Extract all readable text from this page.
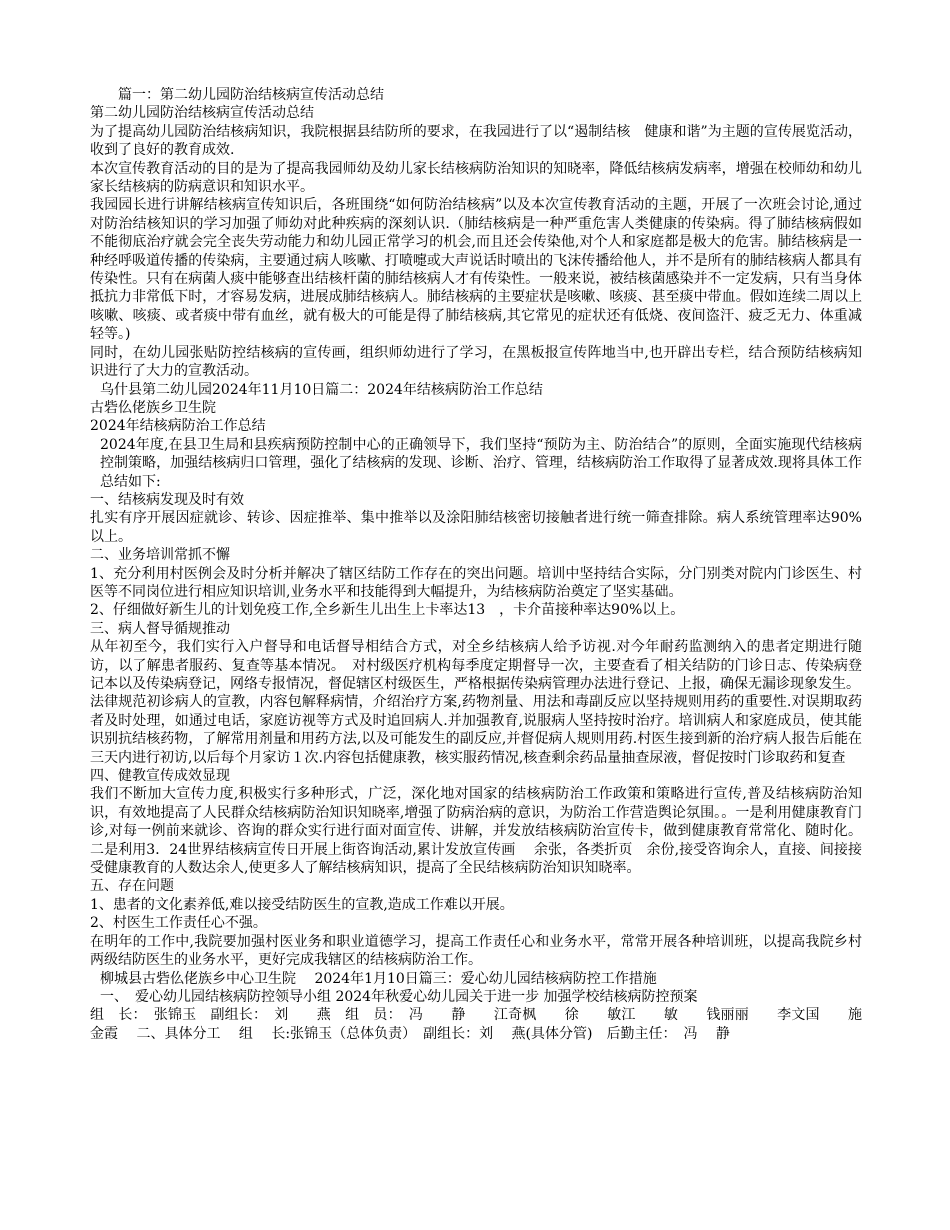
篇一：第二幼儿园防治结核病宣传活动总结

第二幼儿园防治结核病宣传活动总结

为了提高幼儿园防治结核病知识，我院根据县结防所的要求，在我园进行了以“遏制结核　健康和谐”为主题的宣传展览活动，收到了良好的教育成效.

本次宣传教育活动的目的是为了提高我园师幼及幼儿家长结核病防治知识的知晓率，降低结核病发病率，增强在校师幼和幼儿家长结核病的防病意识和知识水平。

我园园长进行讲解结核病宣传知识后，各班围绕“如何防治结核病”以及本次宣传教育活动的主题，开展了一次班会讨论,通过对防治结核知识的学习加强了师幼对此种疾病的深刻认识.（肺结核病是一种严重危害人类健康的传染病。得了肺结核病假如不能彻底治疗就会完全丧失劳动能力和幼儿园正常学习的机会,而且还会传染他,对个人和家庭都是极大的危害。肺结核病是一种经呼吸道传播的传染病，主要通过病人咳嗽、打喷嚏或大声说话时喷出的飞沫传播给他人，并不是所有的肺结核病人都具有传染性。只有在病菌人痰中能够查出结核杆菌的肺结核病人才有传染性。一般来说，被结核菌感染并不一定发病，只有当身体抵抗力非常低下时，才容易发病，进展成肺结核病人。肺结核病的主要症状是咳嗽、咳痰、甚至痰中带血。假如连续二周以上咳嗽、咳痰、或者痰中带有血丝，就有极大的可能是得了肺结核病,其它常见的症状还有低烧、夜间盗汗、疲乏无力、体重减轻等。)

同时，在幼儿园张贴防控结核病的宣传画，组织师幼进行了学习，在黑板报宣传阵地当中,也开辟出专栏，结合预防结核病知识进行了大力的宣教活动。

乌什县第二幼儿园2024年11月10日篇二：2024年结核病防治工作总结

古砦仫佬族乡卫生院

2024年结核病防治工作总结

2024年度,在县卫生局和县疾病预防控制中心的正确领导下，我们坚持“预防为主、防治结合”的原则，全面实施现代结核病控制策略，加强结核病归口管理，强化了结核病的发现、诊断、治疗、管理，结核病防治工作取得了显著成效.现将具体工作总结如下:

一、结核病发现及时有效

扎实有序开展因症就诊、转诊、因症推举、集中推举以及涂阳肺结核密切接触者进行统一筛查排除。病人系统管理率达90%以上。

二、业务培训常抓不懈

1、充分利用村医例会及时分析并解决了辖区结防工作存在的突出问题。培训中坚持结合实际，分门别类对院内门诊医生、村医等不同岗位进行相应知识培训,业务水平和技能得到大幅提升，为结核病防治奠定了坚实基础。

2、仔细做好新生儿的计划免疫工作,全乡新生儿出生上卡率达13　，卡介苗接种率达90%以上。

三、病人督导循规推动

从年初至今，我们实行入户督导和电话督导相结合方式，对全乡结核病人给予访视.对今年耐药监测纳入的患者定期进行随访，以了解患者服药、复查等基本情况。　对村级医疗机构每季度定期督导一次，主要查看了相关结防的门诊日志、传染病登记本以及传染病登记，网络专报情况，督促辖区村级医生，严格根据传染病管理办法进行登记、上报，确保无漏诊现象发生。

法律规范初诊病人的宣教，内容包解释病情，介绍治疗方案,药物剂量、用法和毒副反应以坚持规则用药的重要性.对误期取药者及时处理，如通过电话，家庭访视等方式及时追回病人.并加强教育,说服病人坚持按时治疗。培训病人和家庭成员，使其能识别抗结核药物，了解常用剂量和用药方法,以及可能发生的副反应,并督促病人规则用药.村医生接到新的治疗病人报告后能在三天内进行初访,以后每个月家访１次.内容包括健康教，核实服药情况,核查剩余药品量抽查尿液，督促按时门诊取药和复查

四、健教宣传成效显现

我们不断加大宣传力度,积极实行多种形式，广泛，深化地对国家的结核病防治工作政策和策略进行宣传,普及结核病防治知识，有效地提高了人民群众结核病防治知识知晓率,增强了防病治病的意识，为防治工作营造舆论氛围。。一是利用健康教育门诊,对每一例前来就诊、咨询的群众实行进行面对面宣传、讲解，并发放结核病防治宣传卡，做到健康教育常常化、随时化。二是利用3．24世界结核病宣传日开展上街咨询活动,累计发放宣传画　 余张，各类折页　余份,接受咨询余人，直接、间接接受健康教育的人数达余人,使更多人了解结核病知识，提高了全民结核病防治知识知晓率。

五、存在问题

1、患者的文化素养低,难以接受结防医生的宣教,造成工作难以开展。

2、村医生工作责任心不强。

在明年的工作中,我院要加强村医业务和职业道德学习，提高工作责任心和业务水平，常常开展各种培训班，以提高我院乡村两级结防医生的业务水平，更好完成我辖区的结核病防治工作。

柳城县古砦仫佬族乡中心卫生院　 2024年1月10日篇三：爱心幼儿园结核病防控工作措施

一、　爱心幼儿园结核病防控领导小组 2024年秋爱心幼儿园关于进一步 加强学校结核病防控预案

组　长：　张锦玉　副组长：　刘　　燕　组　员：　冯　　静　　江奇枫　　徐　　敏江　　敏　　钱丽丽　　李文国　　施金霞　 二、具体分工　 组　 长:张锦玉（总体负责）　副组长：刘　 燕(具体分管)　后勤主任：　冯　 静
